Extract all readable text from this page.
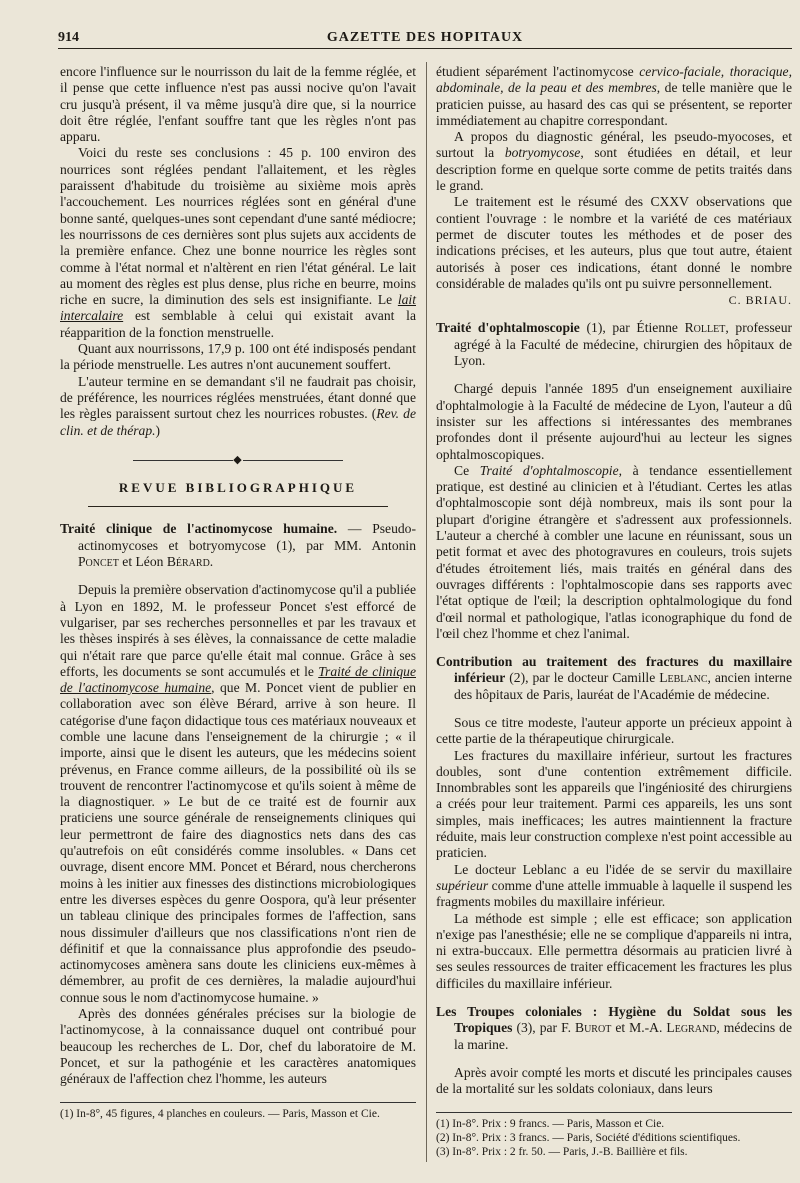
914	GAZETTE DES HOPITAUX

encore l'influence sur le nourrisson du lait de la femme réglée, et il pense que cette influence n'est pas aussi nocive qu'on l'avait cru jusqu'à présent, il va même jusqu'à dire que, si la nourrice doit être réglée, l'enfant souffre tant que les règles n'ont pas apparu.

Voici du reste ses conclusions : 45 p. 100 environ des nourrices sont réglées pendant l'allaitement, et les règles paraissent d'habitude du troisième au sixième mois après l'accouchement. Les nourrices réglées sont en général d'une bonne santé, quelques-unes sont cependant d'une santé médiocre; les nourrissons de ces dernières sont plus sujets aux accidents de la première enfance. Chez une bonne nourrice les règles sont comme à l'état normal et n'altèrent en rien l'état général. Le lait au moment des règles est plus dense, plus riche en beurre, moins riche en sucre, la diminution des sels est insignifiante. Le lait intercalaire est semblable à celui qui existait avant la réapparition de la fonction menstruelle.

Quant aux nourrissons, 17,9 p. 100 ont été indisposés pendant la période menstruelle. Les autres n'ont aucunement souffert.

L'auteur termine en se demandant s'il ne faudrait pas choisir, de préférence, les nourrices réglées menstruées, étant donné que les règles paraissent surtout chez les nourrices robustes. (Rev. de clin. et de thérap.)

◆
REVUE BIBLIOGRAPHIQUE

Traité clinique de l'actinomycose humaine. — Pseudo-actinomycoses et botryomycose (1), par MM. Antonin Poncet et Léon Bérard.

Depuis la première observation d'actinomycose qu'il a publiée à Lyon en 1892, M. le professeur Poncet s'est efforcé de vulgariser, par ses recherches personnelles et par les travaux et les thèses inspirés à ses élèves, la connaissance de cette maladie qui n'était rare que parce qu'elle était mal connue. Grâce à ses efforts, les documents se sont accumulés et le Traité de clinique de l'actinomycose humaine, que M. Poncet vient de publier en collaboration avec son élève Bérard, arrive à son heure. Il catégorise d'une façon didactique tous ces matériaux nouveaux et comble une lacune dans l'enseignement de la chirurgie ; « il importe, ainsi que le disent les auteurs, que les médecins soient prévenus, en France comme ailleurs, de la possibilité où ils se trouvent de rencontrer l'actinomycose et qu'ils soient à même de la diagnostiquer. » Le but de ce traité est de fournir aux praticiens une source générale de renseignements cliniques qui leur permettront de faire des diagnostics nets dans des cas qu'autrefois on eût considérés comme insolubles. « Dans cet ouvrage, disent encore MM. Poncet et Bérard, nous chercherons moins à les initier aux finesses des distinctions microbiologiques entre les diverses espèces du genre Oospora, qu'à leur présenter un tableau clinique des principales formes de l'affection, sans nous dissimuler d'ailleurs que nos classifications n'ont rien de définitif et que la connaissance plus approfondie des pseudo-actinomycoses amènera sans doute les cliniciens eux-mêmes à démembrer, au profit de ces dernières, la maladie aujourd'hui connue sous le nom d'actinomycose humaine. »

Après des données générales précises sur la biologie de l'actinomycose, à la connaissance duquel ont contribué pour beaucoup les recherches de L. Dor, chef du laboratoire de M. Poncet, et sur la pathogénie et les caractères anatomiques généraux de l'affection chez l'homme, les auteurs

(1) In-8°, 45 figures, 4 planches en couleurs. — Paris, Masson et Cie.

étudient séparément l'actinomycose cervico-faciale, thoracique, abdominale, de la peau et des membres, de telle manière que le praticien puisse, au hasard des cas qui se présentent, se reporter immédiatement au chapitre correspondant.

A propos du diagnostic général, les pseudo-myocoses, et surtout la botryomycose, sont étudiées en détail, et leur description forme en quelque sorte comme de petits traités dans le grand.

Le traitement est le résumé des CXXV observations que contient l'ouvrage : le nombre et la variété de ces matériaux permet de discuter toutes les méthodes et de poser des indications précises, et les auteurs, plus que tout autre, étaient autorisés à poser ces indications, étant donné le nombre considérable de malades qu'ils ont pu suivre personnellement.

C. BRIAU.

Traité d'ophtalmoscopie (1), par Étienne Rollet, professeur agrégé à la Faculté de médecine, chirurgien des hôpitaux de Lyon.

Chargé depuis l'année 1895 d'un enseignement auxiliaire d'ophtalmologie à la Faculté de médecine de Lyon, l'auteur a dû insister sur les affections si intéressantes des membranes profondes dont il présente aujourd'hui au lecteur les signes ophtalmoscopiques.

Ce Traité d'ophtalmoscopie, à tendance essentiellement pratique, est destiné au clinicien et à l'étudiant. Certes les atlas d'ophtalmoscopie sont déjà nombreux, mais ils sont pour la plupart d'origine étrangère et s'adressent aux professionnels. L'auteur a cherché à combler une lacune en réunissant, sous un petit format et avec des photogravures en couleurs, trois sujets d'études étroitement liés, mais traités en général dans des ouvrages différents : l'ophtalmoscopie dans ses rapports avec l'état optique de l'œil; la description ophtalmologique du fond d'œil normal et pathologique, l'atlas iconographique du fond de l'œil chez l'homme et chez l'animal.

Contribution au traitement des fractures du maxillaire inférieur (2), par le docteur Camille Leblanc, ancien interne des hôpitaux de Paris, lauréat de l'Académie de médecine.

Sous ce titre modeste, l'auteur apporte un précieux appoint à cette partie de la thérapeutique chirurgicale.

Les fractures du maxillaire inférieur, surtout les fractures doubles, sont d'une contention extrêmement difficile. Innombrables sont les appareils que l'ingéniosité des chirurgiens a créés pour leur traitement. Parmi ces appareils, les uns sont simples, mais inefficaces; les autres maintiennent la fracture réduite, mais leur construction complexe n'est point accessible au praticien.

Le docteur Leblanc a eu l'idée de se servir du maxillaire supérieur comme d'une attelle immuable à laquelle il suspend les fragments mobiles du maxillaire inférieur.

La méthode est simple ; elle est efficace; son application n'exige pas l'anesthésie; elle ne se complique d'appareils ni intra, ni extra-buccaux. Elle permettra désormais au praticien livré à ses seules ressources de traiter efficacement les fractures les plus difficiles du maxillaire inférieur.

Les Troupes coloniales : Hygiène du Soldat sous les Tropiques (3), par F. Burot et M.-A. Legrand, médecins de la marine.

Après avoir compté les morts et discuté les principales causes de la mortalité sur les soldats coloniaux, dans leurs

(1) In-8°. Prix : 9 francs. — Paris, Masson et Cie.

(2) In-8°. Prix : 3 francs. — Paris, Société d'éditions scientifiques.

(3) In-8°. Prix : 2 fr. 50. — Paris, J.-B. Baillière et fils.
